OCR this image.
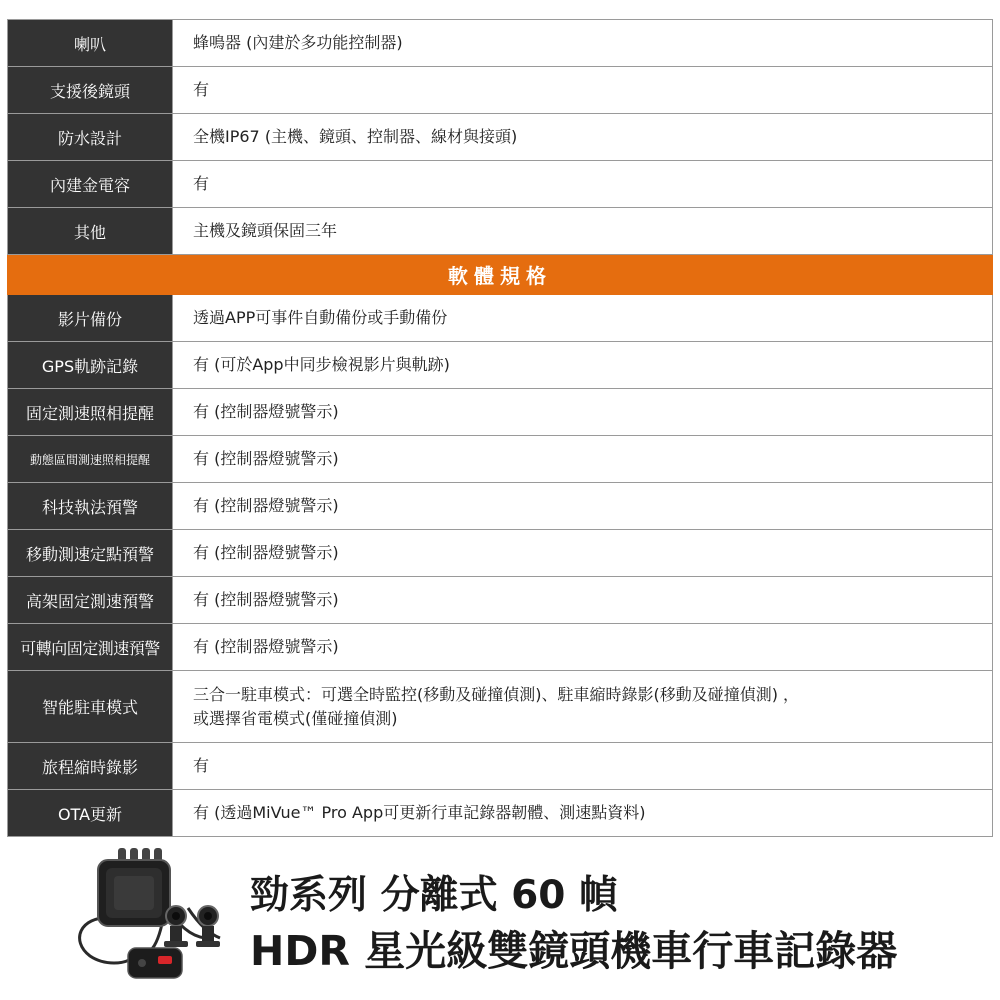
喇叭	蜂鳴器 (內建於多功能控制器)
支援後鏡頭	有
防水設計	全機IP67 (主機、鏡頭、控制器、線材與接頭)
內建金電容	有
其他	主機及鏡頭保固三年
軟體規格	
影片備份	透過APP可事件自動備份或手動備份
GPS軌跡記錄	有 (可於App中同步檢視影片與軌跡)
固定測速照相提醒	有 (控制器燈號警示)
動態區間測速照相提醒	有 (控制器燈號警示)
科技執法預警	有 (控制器燈號警示)
移動測速定點預警	有 (控制器燈號警示)
高架固定測速預警	有 (控制器燈號警示)
可轉向固定測速預警	有 (控制器燈號警示)
智能駐車模式	三合一駐車模式：可選全時監控(移動及碰撞偵測)、駐車縮時錄影(移動及碰撞偵測) ，
或選擇省電模式(僅碰撞偵測)

旅程縮時錄影	有
OTA更新	有 (透過MiVue™ Pro App可更新行車記錄器韌體、測速點資料)
勁系列 分離式 60 幀
HDR 星光級雙鏡頭機車行車記錄器
